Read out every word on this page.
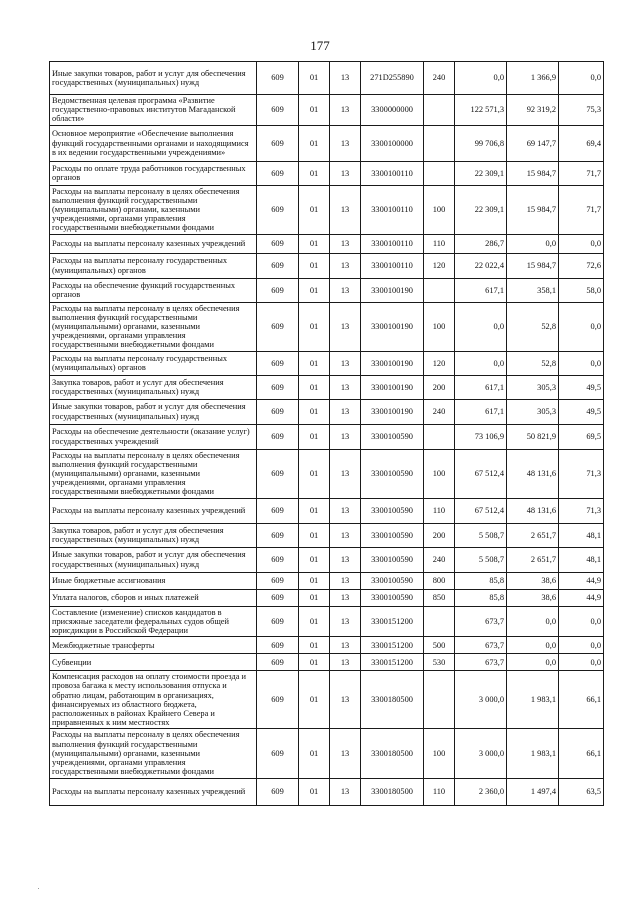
177
Иные закупки товаров, работ и услуг для обеспечения государственных (муниципальных) нужд	609	01	13	271D255890	240	0,0	1 366,9	0,0
Ведомственная целевая программа «Развитие государственно-правовых институтов Магаданской области»	609	01	13	3300000000		122 571,3	92 319,2	75,3
Основное мероприятие «Обеспечение выполнения функций государственными органами и находящимися в их ведении государственными учреждениями»	609	01	13	3300100000		99 706,8	69 147,7	69,4
Расходы по оплате труда работников государственных органов	609	01	13	3300100110		22 309,1	15 984,7	71,7
Расходы на выплаты персоналу в целях обеспечения выполнения функций государственными (муниципальными) органами, казенными учреждениями, органами управления государственными внебюджетными фондами	609	01	13	3300100110	100	22 309,1	15 984,7	71,7
Расходы на выплаты персоналу казенных учреждений	609	01	13	3300100110	110	286,7	0,0	0,0
Расходы на выплаты персоналу государственных (муниципальных) органов	609	01	13	3300100110	120	22 022,4	15 984,7	72,6
Расходы на обеспечение функций государственных органов	609	01	13	3300100190		617,1	358,1	58,0
Расходы на выплаты персоналу в целях обеспечения выполнения функций государственными (муниципальными) органами, казенными учреждениями, органами управления государственными внебюджетными фондами	609	01	13	3300100190	100	0,0	52,8	0,0
Расходы на выплаты персоналу государственных (муниципальных) органов	609	01	13	3300100190	120	0,0	52,8	0,0
Закупка товаров, работ и услуг для обеспечения государственных (муниципальных) нужд	609	01	13	3300100190	200	617,1	305,3	49,5
Иные закупки товаров, работ и услуг для обеспечения государственных (муниципальных) нужд	609	01	13	3300100190	240	617,1	305,3	49,5
Расходы на обеспечение деятельности (оказание услуг) государственных учреждений	609	01	13	3300100590		73 106,9	50 821,9	69,5
Расходы на выплаты персоналу в целях обеспечения выполнения функций государственными (муниципальными) органами, казенными учреждениями, органами управления государственными внебюджетными фондами	609	01	13	3300100590	100	67 512,4	48 131,6	71,3
Расходы на выплаты персоналу казенных учреждений	609	01	13	3300100590	110	67 512,4	48 131,6	71,3
Закупка товаров, работ и услуг для обеспечения государственных (муниципальных) нужд	609	01	13	3300100590	200	5 508,7	2 651,7	48,1
Иные закупки товаров, работ и услуг для обеспечения государственных (муниципальных) нужд	609	01	13	3300100590	240	5 508,7	2 651,7	48,1
Иные бюджетные ассигнования	609	01	13	3300100590	800	85,8	38,6	44,9
Уплата налогов, сборов и иных платежей	609	01	13	3300100590	850	85,8	38,6	44,9
Составление (изменение) списков кандидатов в присяжные заседатели федеральных судов общей юрисдикции в Российской Федерации	609	01	13	3300151200		673,7	0,0	0,0
Межбюджетные трансферты	609	01	13	3300151200	500	673,7	0,0	0,0
Субвенции	609	01	13	3300151200	530	673,7	0,0	0,0
Компенсация расходов на оплату стоимости проезда и провоза багажа к месту использования отпуска и обратно лицам, работающим в организациях, финансируемых из областного бюджета, расположенных в районах Крайнего Севера и приравненных к ним местностях	609	01	13	3300180500		3 000,0	1 983,1	66,1
Расходы на выплаты персоналу в целях обеспечения выполнения функций государственными (муниципальными) органами, казенными учреждениями, органами управления государственными внебюджетными фондами	609	01	13	3300180500	100	3 000,0	1 983,1	66,1
Расходы на выплаты персоналу казенных учреждений	609	01	13	3300180500	110	2 360,0	1 497,4	63,5
